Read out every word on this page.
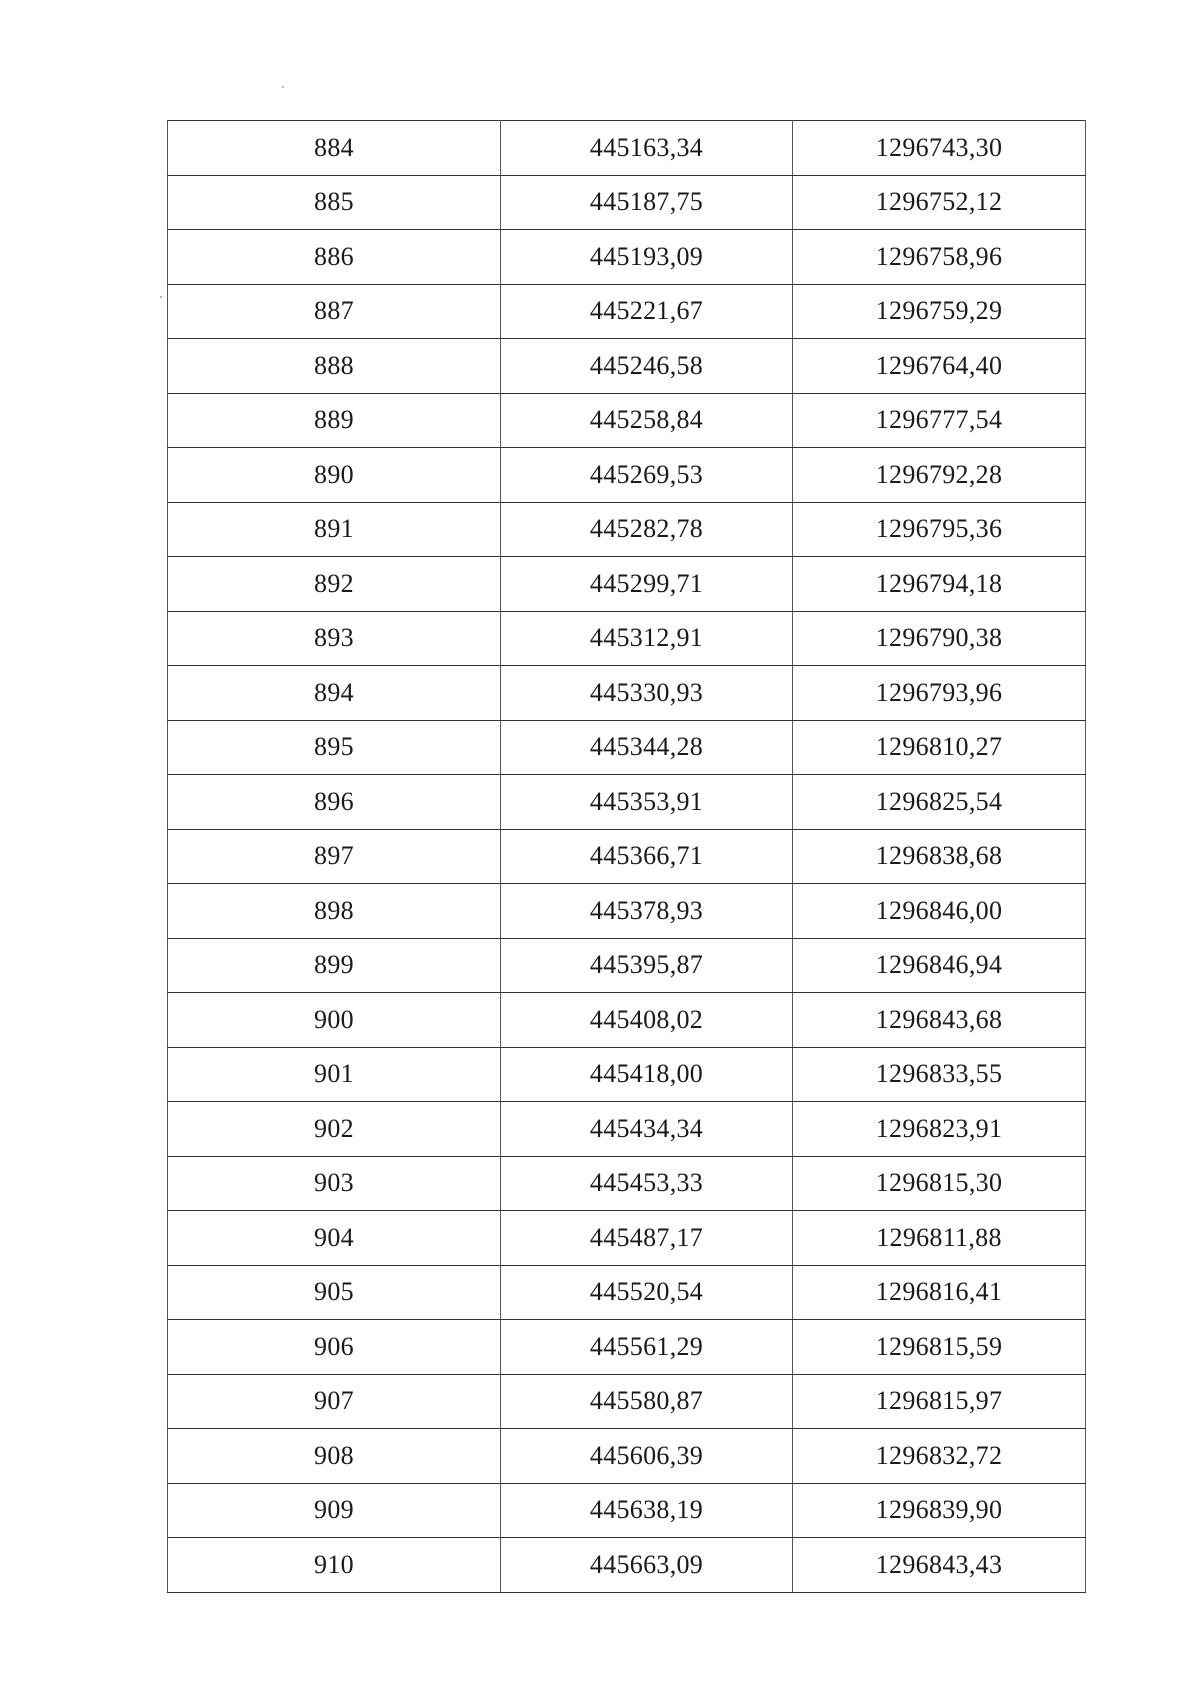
884	445163,34	1296743,30
885	445187,75	1296752,12
886	445193,09	1296758,96
887	445221,67	1296759,29
888	445246,58	1296764,40
889	445258,84	1296777,54
890	445269,53	1296792,28
891	445282,78	1296795,36
892	445299,71	1296794,18
893	445312,91	1296790,38
894	445330,93	1296793,96
895	445344,28	1296810,27
896	445353,91	1296825,54
897	445366,71	1296838,68
898	445378,93	1296846,00
899	445395,87	1296846,94
900	445408,02	1296843,68
901	445418,00	1296833,55
902	445434,34	1296823,91
903	445453,33	1296815,30
904	445487,17	1296811,88
905	445520,54	1296816,41
906	445561,29	1296815,59
907	445580,87	1296815,97
908	445606,39	1296832,72
909	445638,19	1296839,90
910	445663,09	1296843,43
